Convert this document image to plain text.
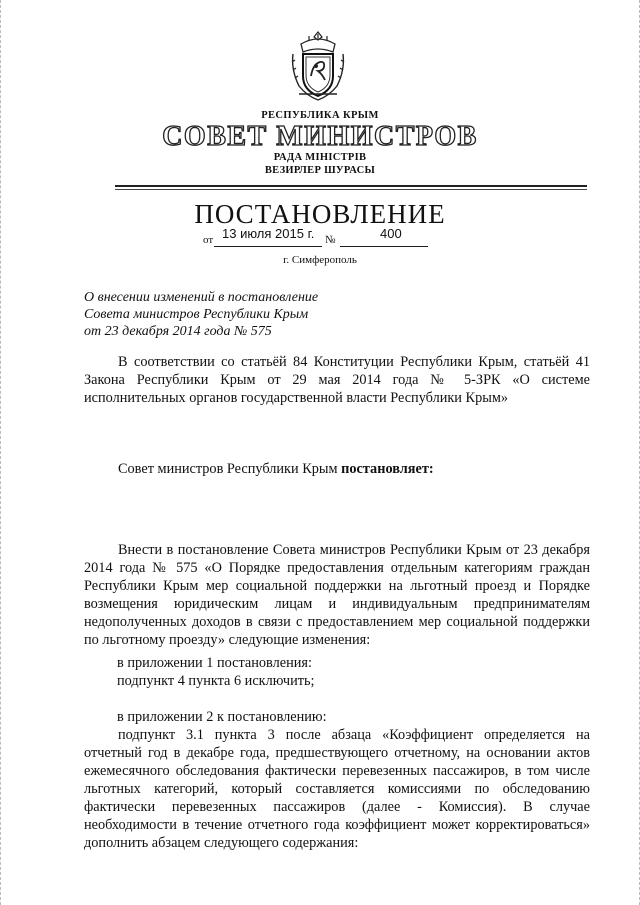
РЕСПУБЛИКА КРЫМ
СОВЕТ МИНИСТРОВ
РАДА МІНІСТРІВ
ВЕЗИРЛЕР ШУРАСЫ
ПОСТАНОВЛЕНИЕ
от 13 июля 2015 г. №	400
г. Симферополь
О внесении изменений в постановление
Совета министров Республики Крым
от 23 декабря 2014 года № 575
В соответствии со статьёй 84 Конституции Республики Крым, статьёй 41 Закона Республики Крым от 29 мая 2014 года № 5-ЗРК «О системе исполнительных органов государственной власти Республики Крым»
Совет министров Республики Крым постановляет:
Внести в постановление Совета министров Республики Крым от 23 декабря 2014 года № 575 «О Порядке предоставления отдельным категориям граждан Республики Крым мер социальной поддержки на льготный проезд и Порядке возмещения юридическим лицам и индивидуальным предпринимателям недополученных доходов в связи с предоставлением мер социальной поддержки по льготному проезду» следующие изменения:
в приложении 1 постановления:
подпункт 4 пункта 6 исключить;
в приложении 2 к постановлению:
подпункт 3.1 пункта 3 после абзаца «Коэффициент определяется на отчетный год в декабре года, предшествующего отчетному, на основании актов ежемесячного обследования фактически перевезенных пассажиров, в том числе льготных категорий, который составляется комиссиями по обследованию фактически перевезенных пассажиров (далее - Комиссия). В случае необходимости в течение отчетного года коэффициент может корректироваться» дополнить абзацем следующего содержания:
